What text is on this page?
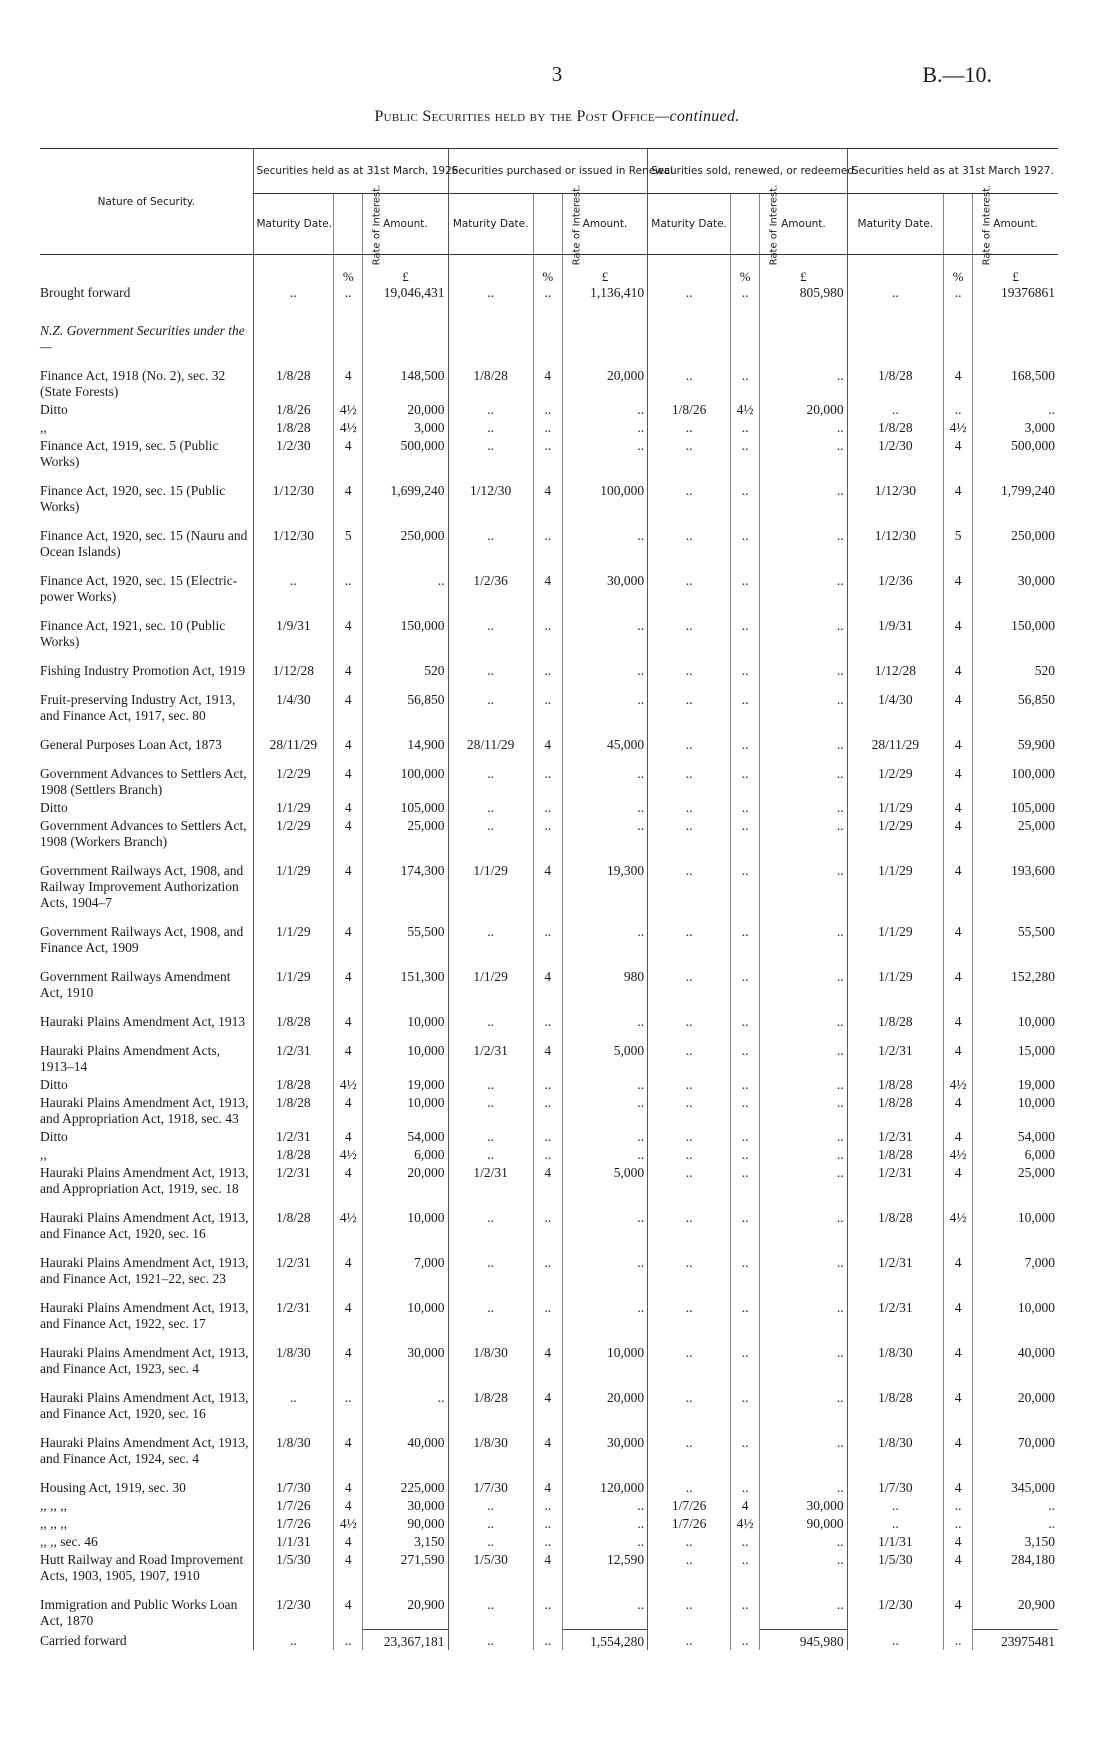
3	B.—10.
Public Securities held by the Post Office—continued.
Nature of Security.	Securities held as at 31st March, 1926.			Securities purchased or issued in Renewal			Securities sold, renewed, or redeemed.			Securities held as at 31st March 1927.		
	Maturity Date.	Rate of Interest.	Amount.	Maturity Date.	Rate of Interest.	Amount.	Maturity Date.	Rate of Interest.	Amount.	Maturity Date.	Rate of Interest.	Amount.
		%	£		%	£		%	£		%	£
Brought forward	..	..	19,046,431	..	..	1,136,410	..	..	805,980	..	..	19376861
N.Z. Government Securities under the—												
Finance Act, 1918 (No. 2), sec. 32 (State Forests)	1/8/28	4	148,500	1/8/28	4	20,000	..	..	..	1/8/28	4	168,500
Ditto	1/8/26	4½	20,000	..	..	..	1/8/26	4½	20,000	..	..	..
,,	1/8/28	4½	3,000	..	..	..	..	..	..	1/8/28	4½	3,000
Finance Act, 1919, sec. 5 (Public Works)	1/2/30	4	500,000	..	..	..	..	..	..	1/2/30	4	500,000
Finance Act, 1920, sec. 15 (Public Works)	1/12/30	4	1,699,240	1/12/30	4	100,000	..	..	..	1/12/30	4	1,799,240
Finance Act, 1920, sec. 15 (Nauru and Ocean Islands)	1/12/30	5	250,000	..	..	..	..	..	..	1/12/30	5	250,000
Finance Act, 1920, sec. 15 (Electric-power Works)	..	..	..	1/2/36	4	30,000	..	..	..	1/2/36	4	30,000
Finance Act, 1921, sec. 10 (Public Works)	1/9/31	4	150,000	..	..	..	..	..	..	1/9/31	4	150,000
Fishing Industry Promotion Act, 1919	1/12/28	4	520	..	..	..	..	..	..	1/12/28	4	520
Fruit-preserving Industry Act, 1913, and Finance Act, 1917, sec. 80	1/4/30	4	56,850	..	..	..	..	..	..	1/4/30	4	56,850
General Purposes Loan Act, 1873	28/11/29	4	14,900	28/11/29	4	45,000	..	..	..	28/11/29	4	59,900
Government Advances to Settlers Act, 1908 (Settlers Branch)	1/2/29	4	100,000	..	..	..	..	..	..	1/2/29	4	100,000
Ditto	1/1/29	4	105,000	..	..	..	..	..	..	1/1/29	4	105,000
Government Advances to Settlers Act, 1908 (Workers Branch)	1/2/29	4	25,000	..	..	..	..	..	..	1/2/29	4	25,000
Government Railways Act, 1908, and Railway Improvement Authorization Acts, 1904–7	1/1/29	4	174,300	1/1/29	4	19,300	..	..	..	1/1/29	4	193,600
Government Railways Act, 1908, and Finance Act, 1909	1/1/29	4	55,500	..	..	..	..	..	..	1/1/29	4	55,500
Government Railways Amendment Act, 1910	1/1/29	4	151,300	1/1/29	4	980	..	..	..	1/1/29	4	152,280
Hauraki Plains Amendment Act, 1913	1/8/28	4	10,000	..	..	..	..	..	..	1/8/28	4	10,000
Hauraki Plains Amendment Acts, 1913–14	1/2/31	4	10,000	1/2/31	4	5,000	..	..	..	1/2/31	4	15,000
Ditto	1/8/28	4½	19,000	..	..	..	..	..	..	1/8/28	4½	19,000
Hauraki Plains Amendment Act, 1913, and Appropriation Act, 1918, sec. 43	1/8/28	4	10,000	..	..	..	..	..	..	1/8/28	4	10,000
Ditto	1/2/31	4	54,000	..	..	..	..	..	..	1/2/31	4	54,000
,,	1/8/28	4½	6,000	..	..	..	..	..	..	1/8/28	4½	6,000
Hauraki Plains Amendment Act, 1913, and Appropriation Act, 1919, sec. 18	1/2/31	4	20,000	1/2/31	4	5,000	..	..	..	1/2/31	4	25,000
Hauraki Plains Amendment Act, 1913, and Finance Act, 1920, sec. 16	1/8/28	4½	10,000	..	..	..	..	..	..	1/8/28	4½	10,000
Hauraki Plains Amendment Act, 1913, and Finance Act, 1921–22, sec. 23	1/2/31	4	7,000	..	..	..	..	..	..	1/2/31	4	7,000
Hauraki Plains Amendment Act, 1913, and Finance Act, 1922, sec. 17	1/2/31	4	10,000	..	..	..	..	..	..	1/2/31	4	10,000
Hauraki Plains Amendment Act, 1913, and Finance Act, 1923, sec. 4	1/8/30	4	30,000	1/8/30	4	10,000	..	..	..	1/8/30	4	40,000
Hauraki Plains Amendment Act, 1913, and Finance Act, 1920, sec. 16	..	..	..	1/8/28	4	20,000	..	..	..	1/8/28	4	20,000
Hauraki Plains Amendment Act, 1913, and Finance Act, 1924, sec. 4	1/8/30	4	40,000	1/8/30	4	30,000	..	..	..	1/8/30	4	70,000
Housing Act, 1919, sec. 30	1/7/30	4	225,000	1/7/30	4	120,000	..	..	..	1/7/30	4	345,000
,, ,, ,,	1/7/26	4	30,000	..	..	..	1/7/26	4	30,000	..	..	..
,, ,, ,,	1/7/26	4½	90,000	..	..	..	1/7/26	4½	90,000	..	..	..
,, ,, sec. 46	1/1/31	4	3,150	..	..	..	..	..	..	1/1/31	4	3,150
Hutt Railway and Road Improvement Acts, 1903, 1905, 1907, 1910	1/5/30	4	271,590	1/5/30	4	12,590	..	..	..	1/5/30	4	284,180
Immigration and Public Works Loan Act, 1870	1/2/30	4	20,900	..	..	..	..	..	..	1/2/30	4	20,900
Carried forward	..	..	23,367,181	..	..	1,554,280	..	..	945,980	..	..	23975481
